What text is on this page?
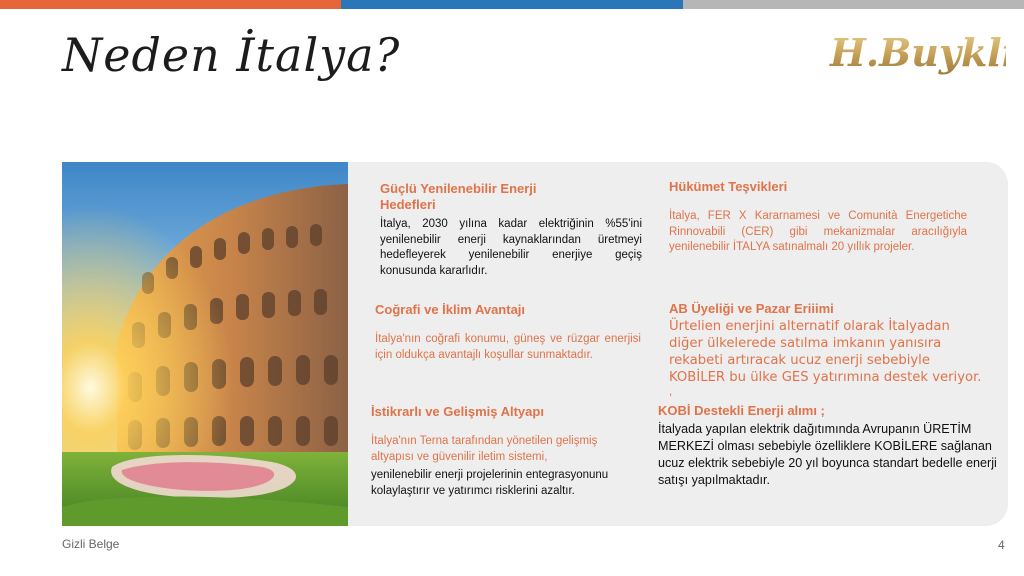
Neden İtalya?	H.Buykli
Güçlü Yenilenebilir Enerji Hedefleri
İtalya, 2030 yılına kadar elektriğinin %55'ini yenilenebilir enerji kaynaklarından üretmeyi hedefleyerek yenilenebilir enerjiye geçiş konusunda kararlıdır.
Coğrafi ve İklim Avantajı
İtalya'nın coğrafi konumu, güneş ve rüzgar enerjisi için oldukça avantajlı koşullar sunmaktadır.
İstikrarlı ve Gelişmiş Altyapı
İtalya'nın Terna tarafından yönetilen gelişmiş altyapısı ve güvenilir iletim sistemi,
yenilenebilir enerji projelerinin entegrasyonunu kolaylaştırır ve yatırımcı risklerini azaltır.
Hükümet Teşvikleri
İtalya, FER X Kararnamesi ve Comunità Energetiche Rinnovabili (CER) gibi mekanizmalar aracılığıyla yenilenebilir İTALYA satınalmalı 20 yıllık projeler.
AB Üyeliği ve Pazar Eriiimi
Ürtelien enerjini alternatif olarak İtalyadan diğer ülkelerede satılma imkanın yanısıra rekabeti artıracak ucuz enerji sebebiyle KOBİLER bu ülke GES yatırımına destek veriyor.
,
KOBİ Destekli Enerji alımı ;
İtalyada yapılan elektrik dağıtımında Avrupanın ÜRETİM MERKEZİ olması sebebiyle özelliklere KOBİLERE sağlanan ucuz elektrik sebebiyle 20 yıl boyunca standart bedelle enerji satışı yapılmaktadır.
Gizli Belge	4
